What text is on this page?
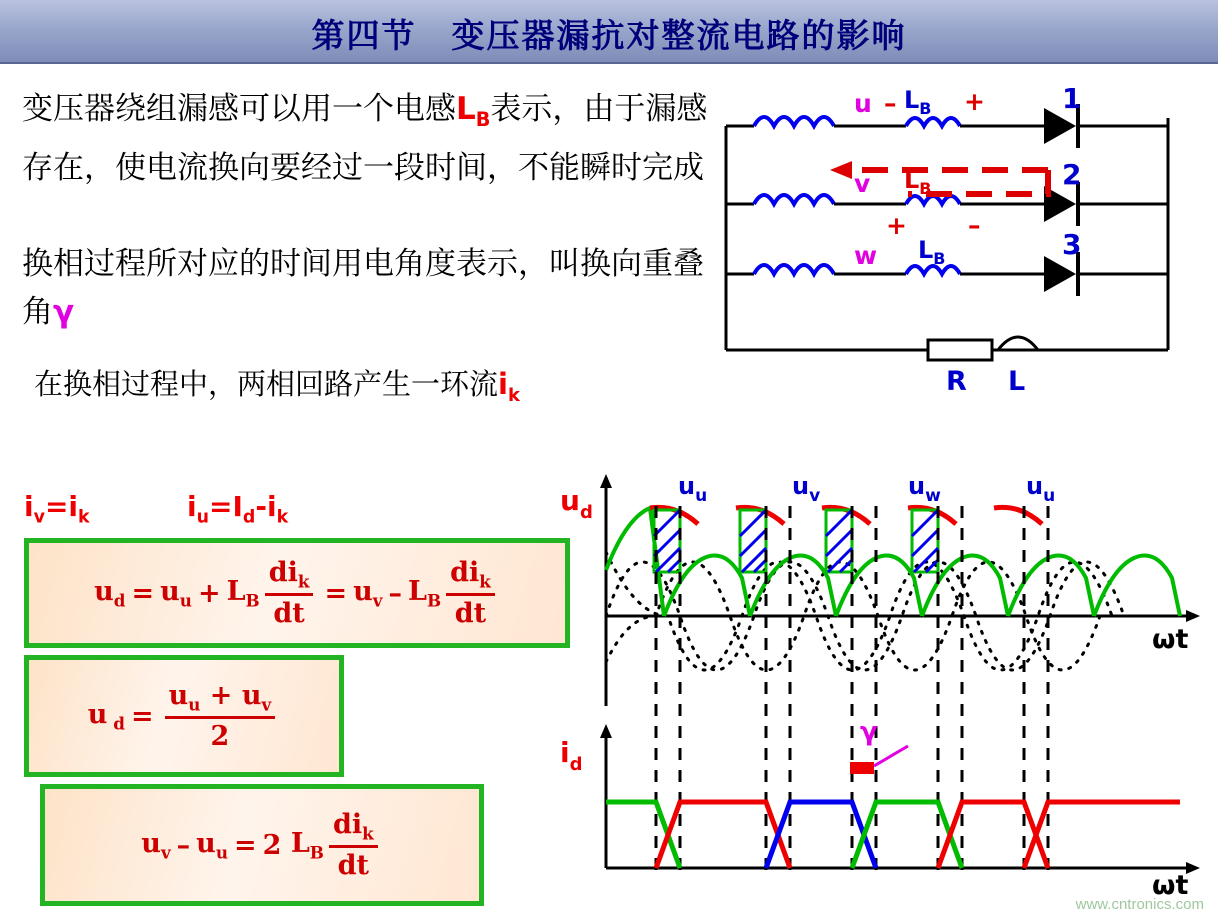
第四节　变压器漏抗对整流电路的影响
变压器绕组漏感可以用一个电感$L_B$表示，由于漏感存在，使电流换向要经过一段时间，不能瞬时完成
换相过程所对应的时间用电角度表示，叫换向重叠角γ
在换相过程中，两相回路产生一环流$i_k$
$i_v=i_k$	$i_u=I_d-i_k$
$u_d = u_u + L_B \frac{di_k}{dt} = u_v - L_B \frac{di_k}{dt}$
u $_d = \frac{u_u + u_v}{2}$
$u_v - u_u = 2$ $L_B \frac{di_k}{dt}$
u –	+
$L_B$
v $L_B$
+ –
w $L_B$
1
2
3
R L
$u_d$
$u_u$	$u_v$	$u_w$	$u_u$
ωt
$i_d$
ωt
γ
www.cntronics.com
